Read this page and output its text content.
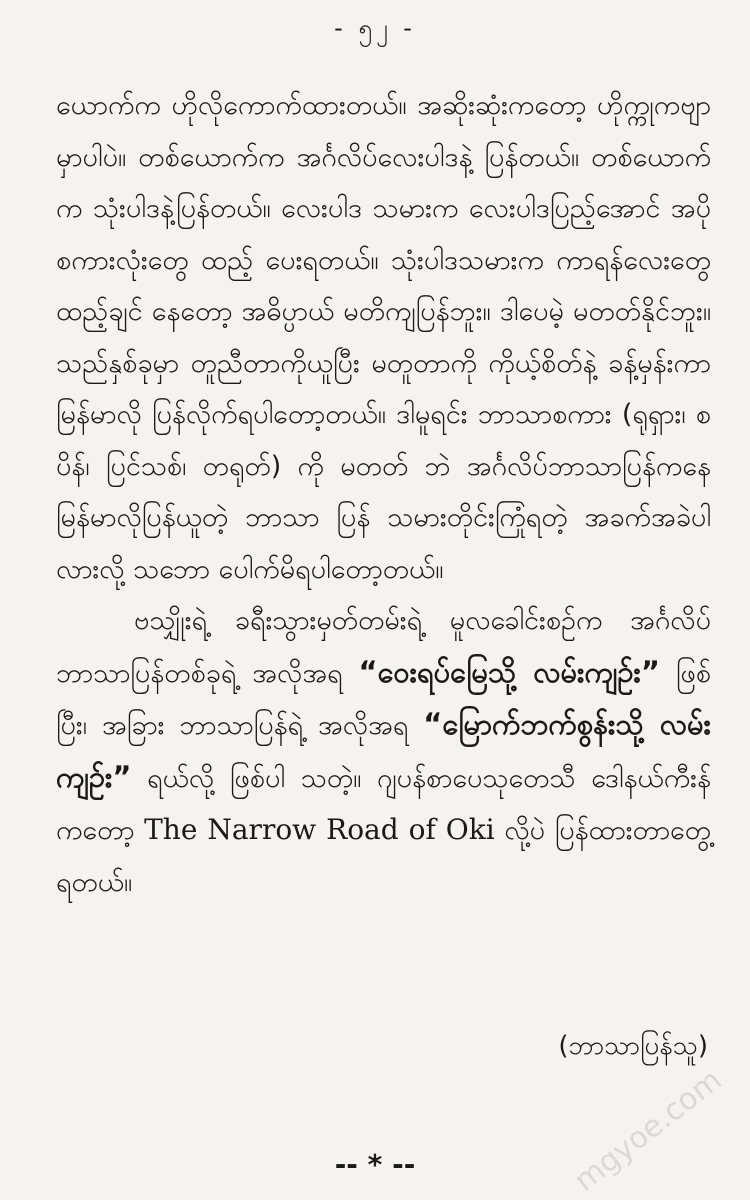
- ၅၂ -

ယောက်က ဟိုလိုကောက်ထားတယ်။ အဆိုးဆုံးကတော့ ဟိုက္ကုကဗျာမှာပါပဲ။ တစ်ယောက်က အင်္ဂလိပ်လေးပါဒနဲ့ ပြန်တယ်။ တစ်ယောက်က သုံးပါဒနဲ့ပြန်တယ်။ လေးပါဒ သမားက လေးပါဒပြည့်အောင် အပိုစကားလုံးတွေ ထည့် ပေးရတယ်။ သုံးပါဒသမားက ကာရန်လေးတွေ ထည့်ချင် နေတော့ အဓိပ္ပာယ် မတိကျပြန်ဘူး။ ဒါပေမဲ့ မတတ်နိုင်ဘူး။ သည်နှစ်ခုမှာ တူညီတာကိုယူပြီး မတူတာကို ကိုယ့်စိတ်နဲ့ ခန့်မှန်းကာ မြန်မာလို ပြန်လိုက်ရပါတော့တယ်။ ဒါမူရင်း ဘာသာစကား (ရုရှား၊ စပိန်၊ ပြင်သစ်၊ တရုတ်) ကို မတတ် ဘဲ အင်္ဂလိပ်ဘာသာပြန်ကနေ မြန်မာလိုပြန်ယူတဲ့ ဘာသာ ပြန် သမားတိုင်းကြုံရတဲ့ အခက်အခဲပါလားလို့ သဘော ပေါက်မိရပါတော့တယ်။

ဗသျှိုးရဲ့ ခရီးသွားမှတ်တမ်းရဲ့ မူလခေါင်းစဉ်က အင်္ဂလိပ်ဘာသာပြန်တစ်ခုရဲ့ အလိုအရ “ဝေးရပ်မြေသို့ လမ်းကျဉ်း” ဖြစ်ပြီး၊ အခြား ဘာသာပြန်ရဲ့ အလိုအရ “မြောက်ဘက်စွန်းသို့ လမ်းကျဉ်း” ရယ်လို့ ဖြစ်ပါ သတဲ့။ ဂျပန်စာပေသုတေသီ ဒေါနယ်ကီးန်ကတော့ The Narrow Road of Oki လို့ပဲ ပြန်ထားတာတွေ့ရတယ်။

(ဘာသာပြန်သူ)
-- * --	mgyoe.com
